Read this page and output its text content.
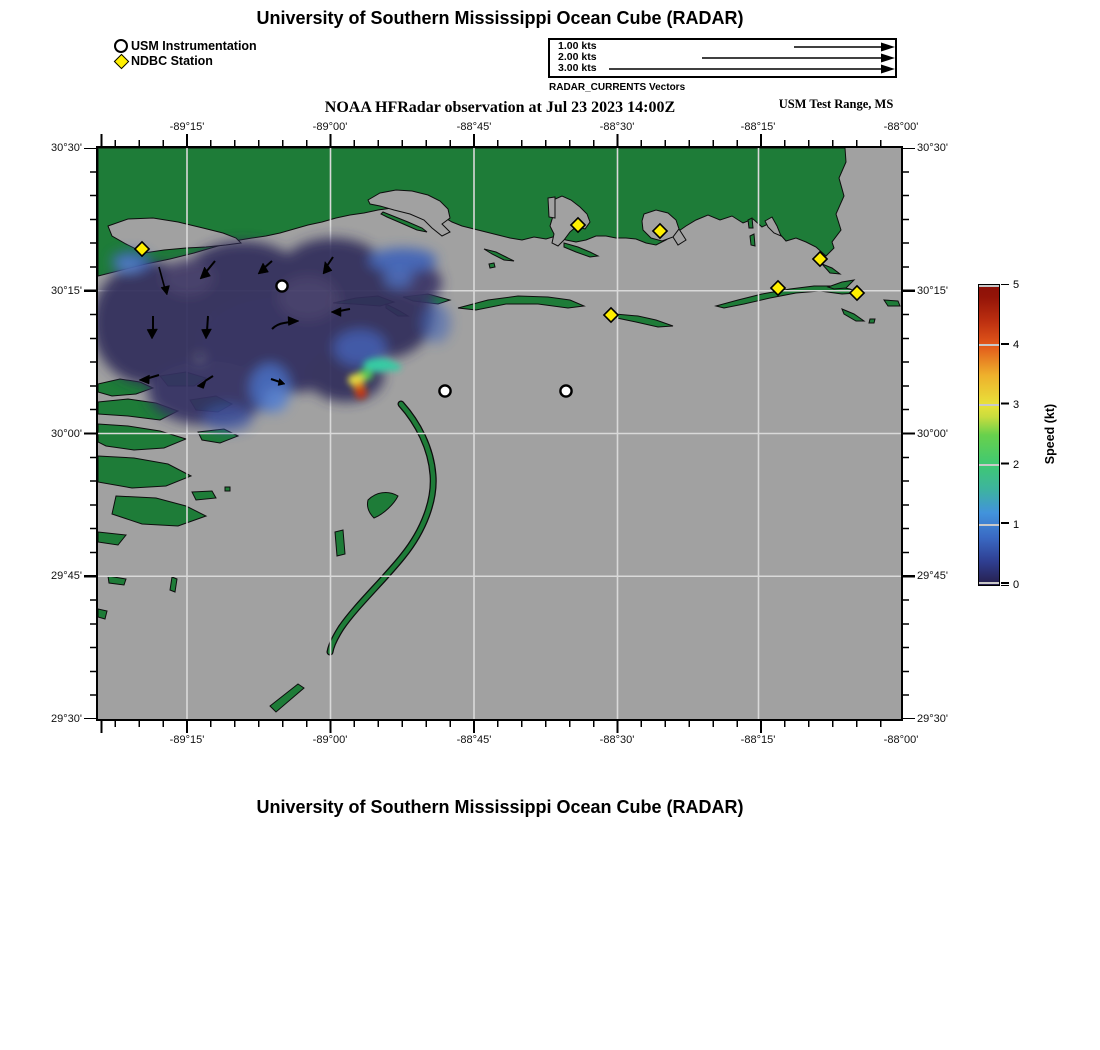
University of Southern Mississippi Ocean Cube (RADAR)
USM Instrumentation
NDBC Station
1.00 kts
2.00 kts
3.00 kts
RADAR_CURRENTS Vectors
NOAA HFRadar observation at Jul 23 2023 14:00Z	USM Test Range, MS
-89°15'	-89°00'	-88°45'	-88°30'	-88°15'	-88°00'
-89°15'	-89°00'	-88°45'	-88°30'	-88°15'	-88°00'
30°30'
30°15'
30°00'
29°45'
29°30'
30°30'
30°15'
30°00'
29°45'
29°30'
5
4
3
2
1
0
Speed (kt)
University of Southern Mississippi Ocean Cube (RADAR)
